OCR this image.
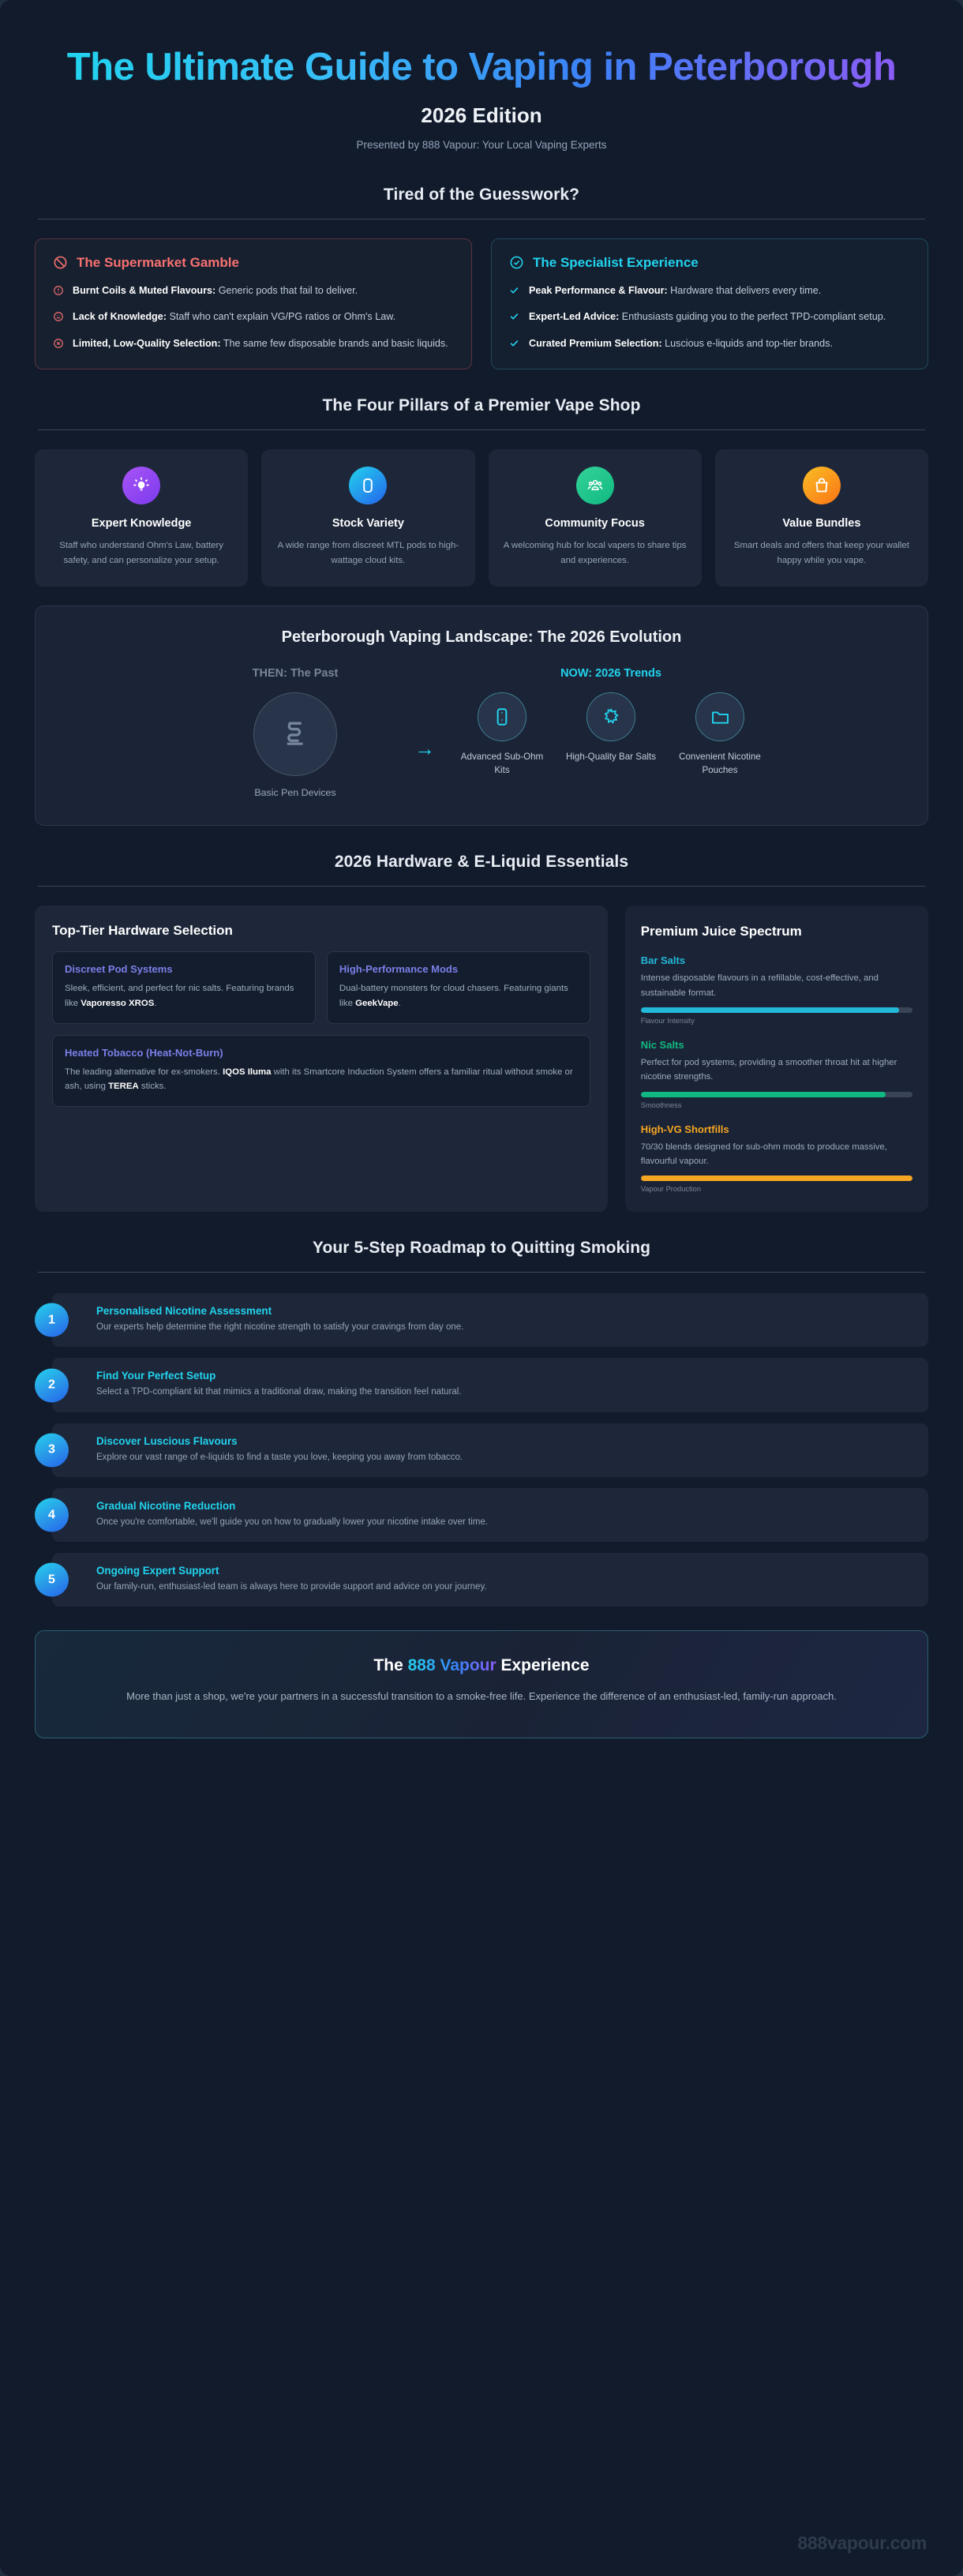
The Ultimate Guide to Vaping in Peterborough
2026 Edition
Presented by 888 Vapour: Your Local Vaping Experts
Tired of the Guesswork?
The Supermarket Gamble
Burnt Coils & Muted Flavours: Generic pods that fail to deliver.
Lack of Knowledge: Staff who can't explain VG/PG ratios or Ohm's Law.
Limited, Low-Quality Selection: The same few disposable brands and basic liquids.
The Specialist Experience
Peak Performance & Flavour: Hardware that delivers every time.
Expert-Led Advice: Enthusiasts guiding you to the perfect TPD-compliant setup.
Curated Premium Selection: Luscious e-liquids and top-tier brands.
The Four Pillars of a Premier Vape Shop
Expert Knowledge
Staff who understand Ohm's Law, battery safety, and can personalize your setup.
Stock Variety
A wide range from discreet MTL pods to high-wattage cloud kits.
Community Focus
A welcoming hub for local vapers to share tips and experiences.
Value Bundles
Smart deals and offers that keep your wallet happy while you vape.
Peterborough Vaping Landscape: The 2026 Evolution
THEN: The Past
Basic Pen Devices
→
NOW: 2026 Trends
Advanced Sub-Ohm Kits
High-Quality Bar Salts	Convenient Nicotine Pouches
2026 Hardware & E-Liquid Essentials
Top-Tier Hardware Selection
Discreet Pod Systems
Sleek, efficient, and perfect for nic salts. Featuring brands like Vaporesso XROS.
High-Performance Mods
Dual-battery monsters for cloud chasers. Featuring giants like GeekVape.
Heated Tobacco (Heat-Not-Burn)
The leading alternative for ex-smokers. IQOS Iluma with its Smartcore Induction System offers a familiar ritual without smoke or ash, using TEREA sticks.
Premium Juice Spectrum
Bar Salts
Intense disposable flavours in a refillable, cost-effective, and sustainable format.
Flavour Intensity
Nic Salts
Perfect for pod systems, providing a smoother throat hit at higher nicotine strengths.
Smoothness
High-VG Shortfills
70/30 blends designed for sub-ohm mods to produce massive, flavourful vapour.
Vapour Production
Your 5-Step Roadmap to Quitting Smoking
1
Personalised Nicotine Assessment
Our experts help determine the right nicotine strength to satisfy your cravings from day one.
2
Find Your Perfect Setup
Select a TPD-compliant kit that mimics a traditional draw, making the transition feel natural.
3
Discover Luscious Flavours
Explore our vast range of e-liquids to find a taste you love, keeping you away from tobacco.
4
Gradual Nicotine Reduction
Once you're comfortable, we'll guide you on how to gradually lower your nicotine intake over time.
5
Ongoing Expert Support
Our family-run, enthusiast-led team is always here to provide support and advice on your journey.
The 888 Vapour Experience
More than just a shop, we're your partners in a successful transition to a smoke-free life. Experience the difference of an enthusiast-led, family-run approach.
888vapour.com
